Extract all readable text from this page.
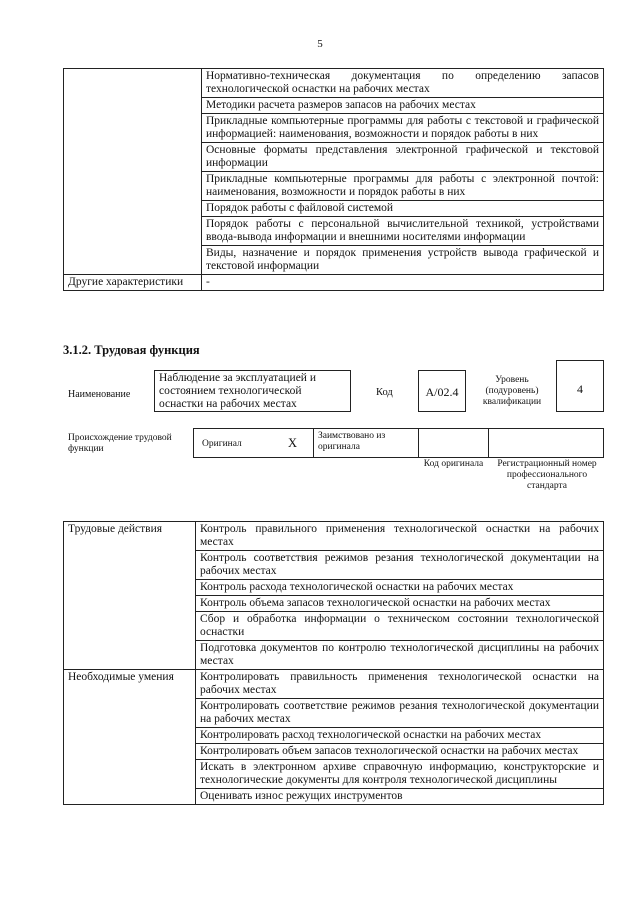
5
	Нормативно-техническая документация по определению запасов технологической оснастки на рабочих местах
	Методики расчета размеров запасов на рабочих местах
	Прикладные компьютерные программы для работы с текстовой и графической информацией: наименования, возможности и порядок работы в них
	Основные форматы представления электронной графической и текстовой информации
	Прикладные компьютерные программы для работы с электронной почтой: наименования, возможности и порядок работы в них
	Порядок работы с файловой системой
	Порядок работы с персональной вычислительной техникой, устройствами ввода-вывода информации и внешними носителями информации
	Виды, назначение и порядок применения устройств вывода графической и текстовой информации
Другие характеристики	-
3.1.2. Трудовая функция
Наименование
Наблюдение за эксплуатацией и состоянием технологической оснастки на рабочих местах
Код	A/02.4
Уровень (подуровень) квалификации
4
Происхождение трудовой функции	Оригинал	X	Заимствовано из оригинала
Код оригинала	Регистрационный номер профессионального стандарта
Трудовые действия	Контроль правильного применения технологической оснастки на рабочих местах
	Контроль соответствия режимов резания технологической документации на рабочих местах
	Контроль расхода технологической оснастки на рабочих местах
	Контроль объема запасов технологической оснастки на рабочих местах
	Сбор и обработка информации о техническом состоянии технологической оснастки
	Подготовка документов по контролю технологической дисциплины на рабочих местах
Необходимые умения	Контролировать правильность применения технологической оснастки на рабочих местах
	Контролировать соответствие режимов резания технологической документации на рабочих местах
	Контролировать расход технологической оснастки на рабочих местах
	Контролировать объем запасов технологической оснастки на рабочих местах
	Искать в электронном архиве справочную информацию, конструкторские и технологические документы для контроля технологической дисциплины
	Оценивать износ режущих инструментов
